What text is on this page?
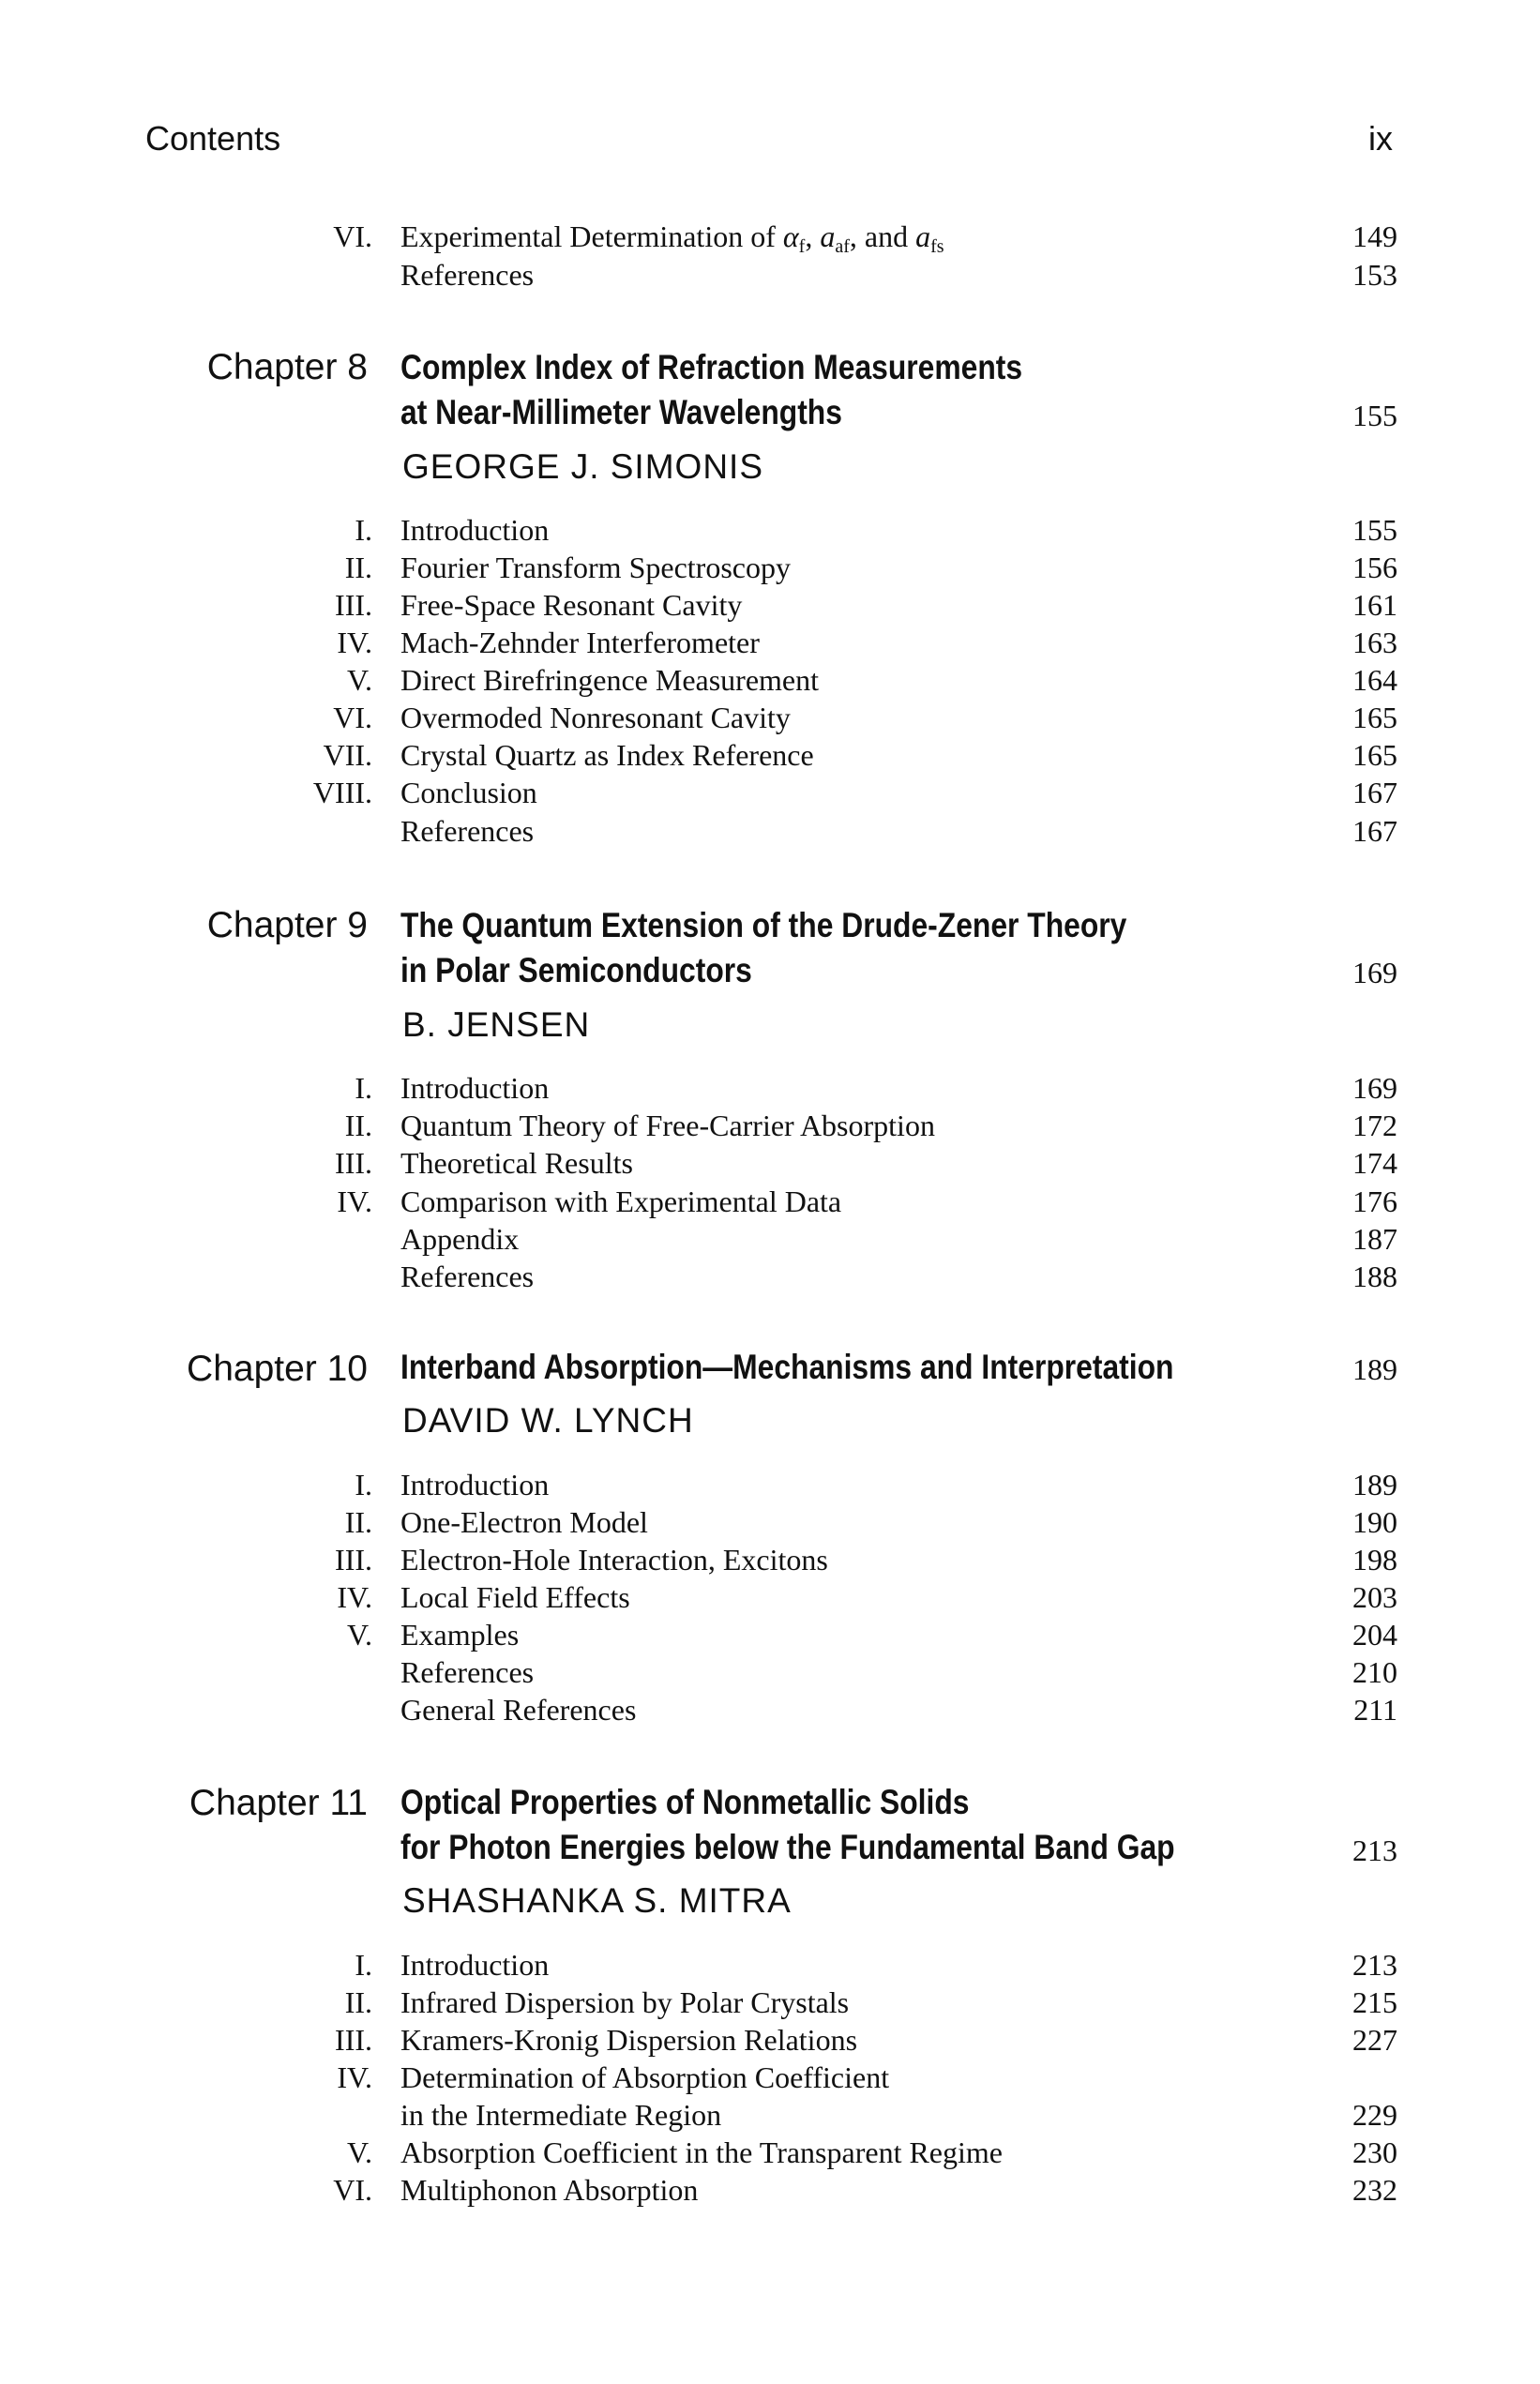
Contents	ix
VI. Experimental Determination of $\alpha_f$, $a_{af}$, and $a_{fs}$	149
References	153
Chapter 8 Complex Index of Refraction Measurements
at Near-Millimeter Wavelengths	155
GEORGE J. SIMONIS
I. Introduction	155
II. Fourier Transform Spectroscopy	156
III. Free-Space Resonant Cavity	161
IV. Mach-Zehnder Interferometer	163
V. Direct Birefringence Measurement	164
VI. Overmoded Nonresonant Cavity	165
VII. Crystal Quartz as Index Reference	165
VIII. Conclusion	167
References	167
Chapter 9 The Quantum Extension of the Drude-Zener Theory
in Polar Semiconductors	169
B. JENSEN
I. Introduction	169
II. Quantum Theory of Free-Carrier Absorption	172
III. Theoretical Results	174
IV. Comparison with Experimental Data	176
Appendix	187
References	188
Chapter 10 Interband Absorption—Mechanisms and Interpretation	189
DAVID W. LYNCH
I. Introduction	189
II. One-Electron Model	190
III. Electron-Hole Interaction, Excitons	198
IV. Local Field Effects	203
V. Examples	204
References	210
General References	211
Chapter 11 Optical Properties of Nonmetallic Solids
for Photon Energies below the Fundamental Band Gap	213
SHASHANKA S. MITRA
I. Introduction	213
II. Infrared Dispersion by Polar Crystals	215
III. Kramers-Kronig Dispersion Relations	227
IV. Determination of Absorption Coefficient
in the Intermediate Region	229
V. Absorption Coefficient in the Transparent Regime	230
VI. Multiphonon Absorption	232
